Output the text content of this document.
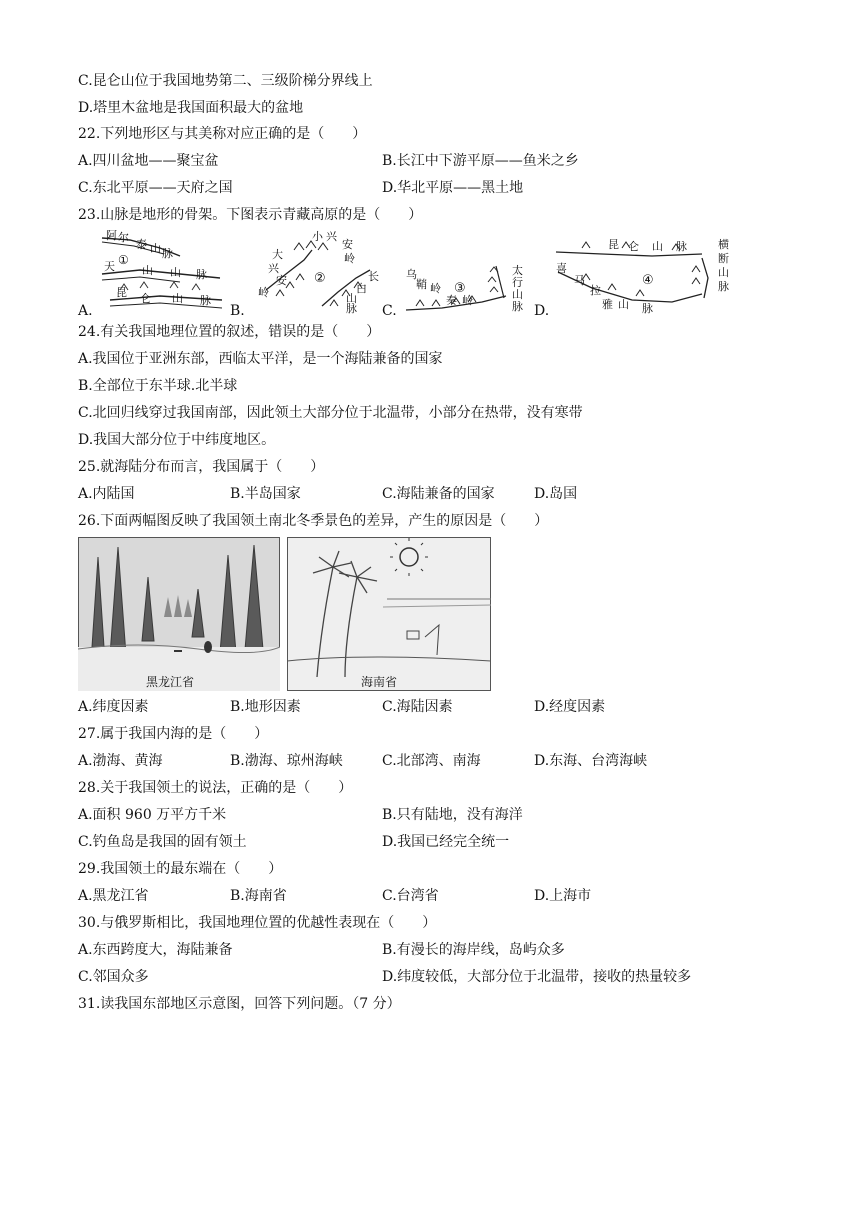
C.昆仑山位于我国地势第二、三级阶梯分界线上
D.塔里木盆地是我国面积最大的盆地
22.下列地形区与其美称对应正确的是（　　）
A.四川盆地——聚宝盆	B.长江中下游平原——鱼米之乡
C.东北平原——天府之国	D.华北平原——黑土地
23.山脉是地形的骨架。下图表示青藏高原的是（　　）
阿 尔
泰 山 脉
①
天 山 山 脉
昆 仑 山 脉
A.
小 兴
安
岭
大
兴
安
岭
②	长
白
山
脉
B.
乌
鞘 岭 ③
秦 岭
太
行
山
脉
C.
昆 仑 山 脉
④
喜
马
拉
雅 山 脉
横
断
山
脉
D.
24.有关我国地理位置的叙述，错误的是（　　）
A.我国位于亚洲东部，西临太平洋，是一个海陆兼备的国家
B.全部位于东半球.北半球
C.北回归线穿过我国南部，因此领土大部分位于北温带，小部分在热带，没有寒带
D.我国大部分位于中纬度地区。
25.就海陆分布而言，我国属于（　　）
A.内陆国	B.半岛国家	C.海陆兼备的国家	D.岛国
26.下面两幅图反映了我国领土南北冬季景色的差异，产生的原因是（　　）
黑龙江省	海南省
A.纬度因素	B.地形因素	C.海陆因素	D.经度因素
27.属于我国内海的是（　　）
A.渤海、黄海	B.渤海、琼州海峡	C.北部湾、南海	D.东海、台湾海峡
28.关于我国领土的说法，正确的是（　　）
A.面积 960 万平方千米	B.只有陆地，没有海洋
C.钓鱼岛是我国的固有领土	D.我国已经完全统一
29.我国领土的最东端在（　　）
A.黑龙江省	B.海南省	C.台湾省	D.上海市
30.与俄罗斯相比，我国地理位置的优越性表现在（　　）
A.东西跨度大，海陆兼备	B.有漫长的海岸线，岛屿众多
C.邻国众多	D.纬度较低，大部分位于北温带，接收的热量较多
31.读我国东部地区示意图，回答下列问题。（7 分）
